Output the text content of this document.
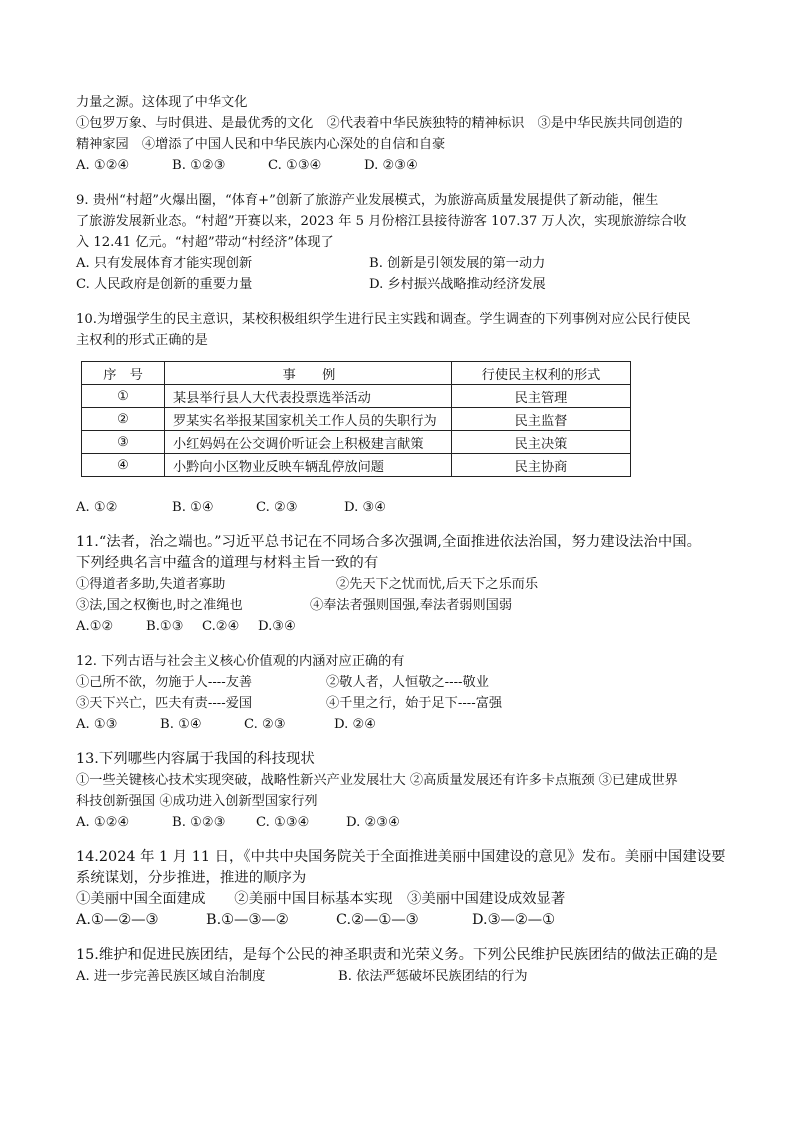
力量之源。这体现了中华文化
①包罗万象、与时俱进、是最优秀的文化　②代表着中华民族独特的精神标识　③是中华民族共同创造的
精神家园　④增添了中国人民和中华民族内心深处的自信和自豪
A. ①②④	B. ①②③	C. ①③④	D. ②③④
9. 贵州“村超”火爆出圈，“体育+”创新了旅游产业发展模式，为旅游高质量发展提供了新动能，催生
了旅游发展新业态。“村超”开赛以来，2023 年 5 月份榕江县接待游客 107.37 万人次，实现旅游综合收
入 12.41 亿元。“村超”带动“村经济”体现了
A. 只有发展体育才能实现创新	B. 创新是引领发展的第一动力
C. 人民政府是创新的重要力量	D. 乡村振兴战略推动经济发展
10.为增强学生的民主意识，某校积极组织学生进行民主实践和调查。学生调查的下列事例对应公民行使民
主权利的形式正确的是
序　号	事　　例	行使民主权利的形式
①	某县举行县人大代表投票选举活动	民主管理
②	罗某实名举报某国家机关工作人员的失职行为	民主监督
③	小红妈妈在公交调价听证会上积极建言献策	民主决策
④	小黔向小区物业反映车辆乱停放问题	民主协商
A. ①②	B. ①④	C. ②③	D. ③④
11.“法者，治之端也。”习近平总书记在不同场合多次强调,全面推进依法治国，努力建设法治中国。
下列经典名言中蕴含的道理与材料主旨一致的有
①得道者多助,失道者寡助	②先天下之忧而忧,后天下之乐而乐
③法,国之权衡也,时之准绳也	④奉法者强则国强,奉法者弱则国弱
A.①②	B.①③	C.②④	D.③④
12. 下列古语与社会主义核心价值观的内涵对应正确的有
①己所不欲，勿施于人----友善	②敬人者，人恒敬之----敬业
③天下兴亡，匹夫有责----爱国	④千里之行，始于足下----富强
A. ①③	B. ①④	C. ②③	D. ②④
13.下列哪些内容属于我国的科技现状
①一些关键核心技术实现突破，战略性新兴产业发展壮大 ②高质量发展还有许多卡点瓶颈 ③已建成世界
科技创新强国 ④成功进入创新型国家行列
A. ①②④	B. ①②③	C. ①③④	D. ②③④
14.2024 年 1 月 11 日，《中共中央国务院关于全面推进美丽中国建设的意见》发布。美丽中国建设要
系统谋划，分步推进，推进的顺序为
①美丽中国全面建成　　②美丽中国目标基本实现　③美丽中国建设成效显著
A.①—②—③	B.①—③—②	C.②—①—③	D.③—②—①
15.维护和促进民族团结，是每个公民的神圣职责和光荣义务。下列公民维护民族团结的做法正确的是
A. 进一步完善民族区域自治制度	B. 依法严惩破坏民族团结的行为
